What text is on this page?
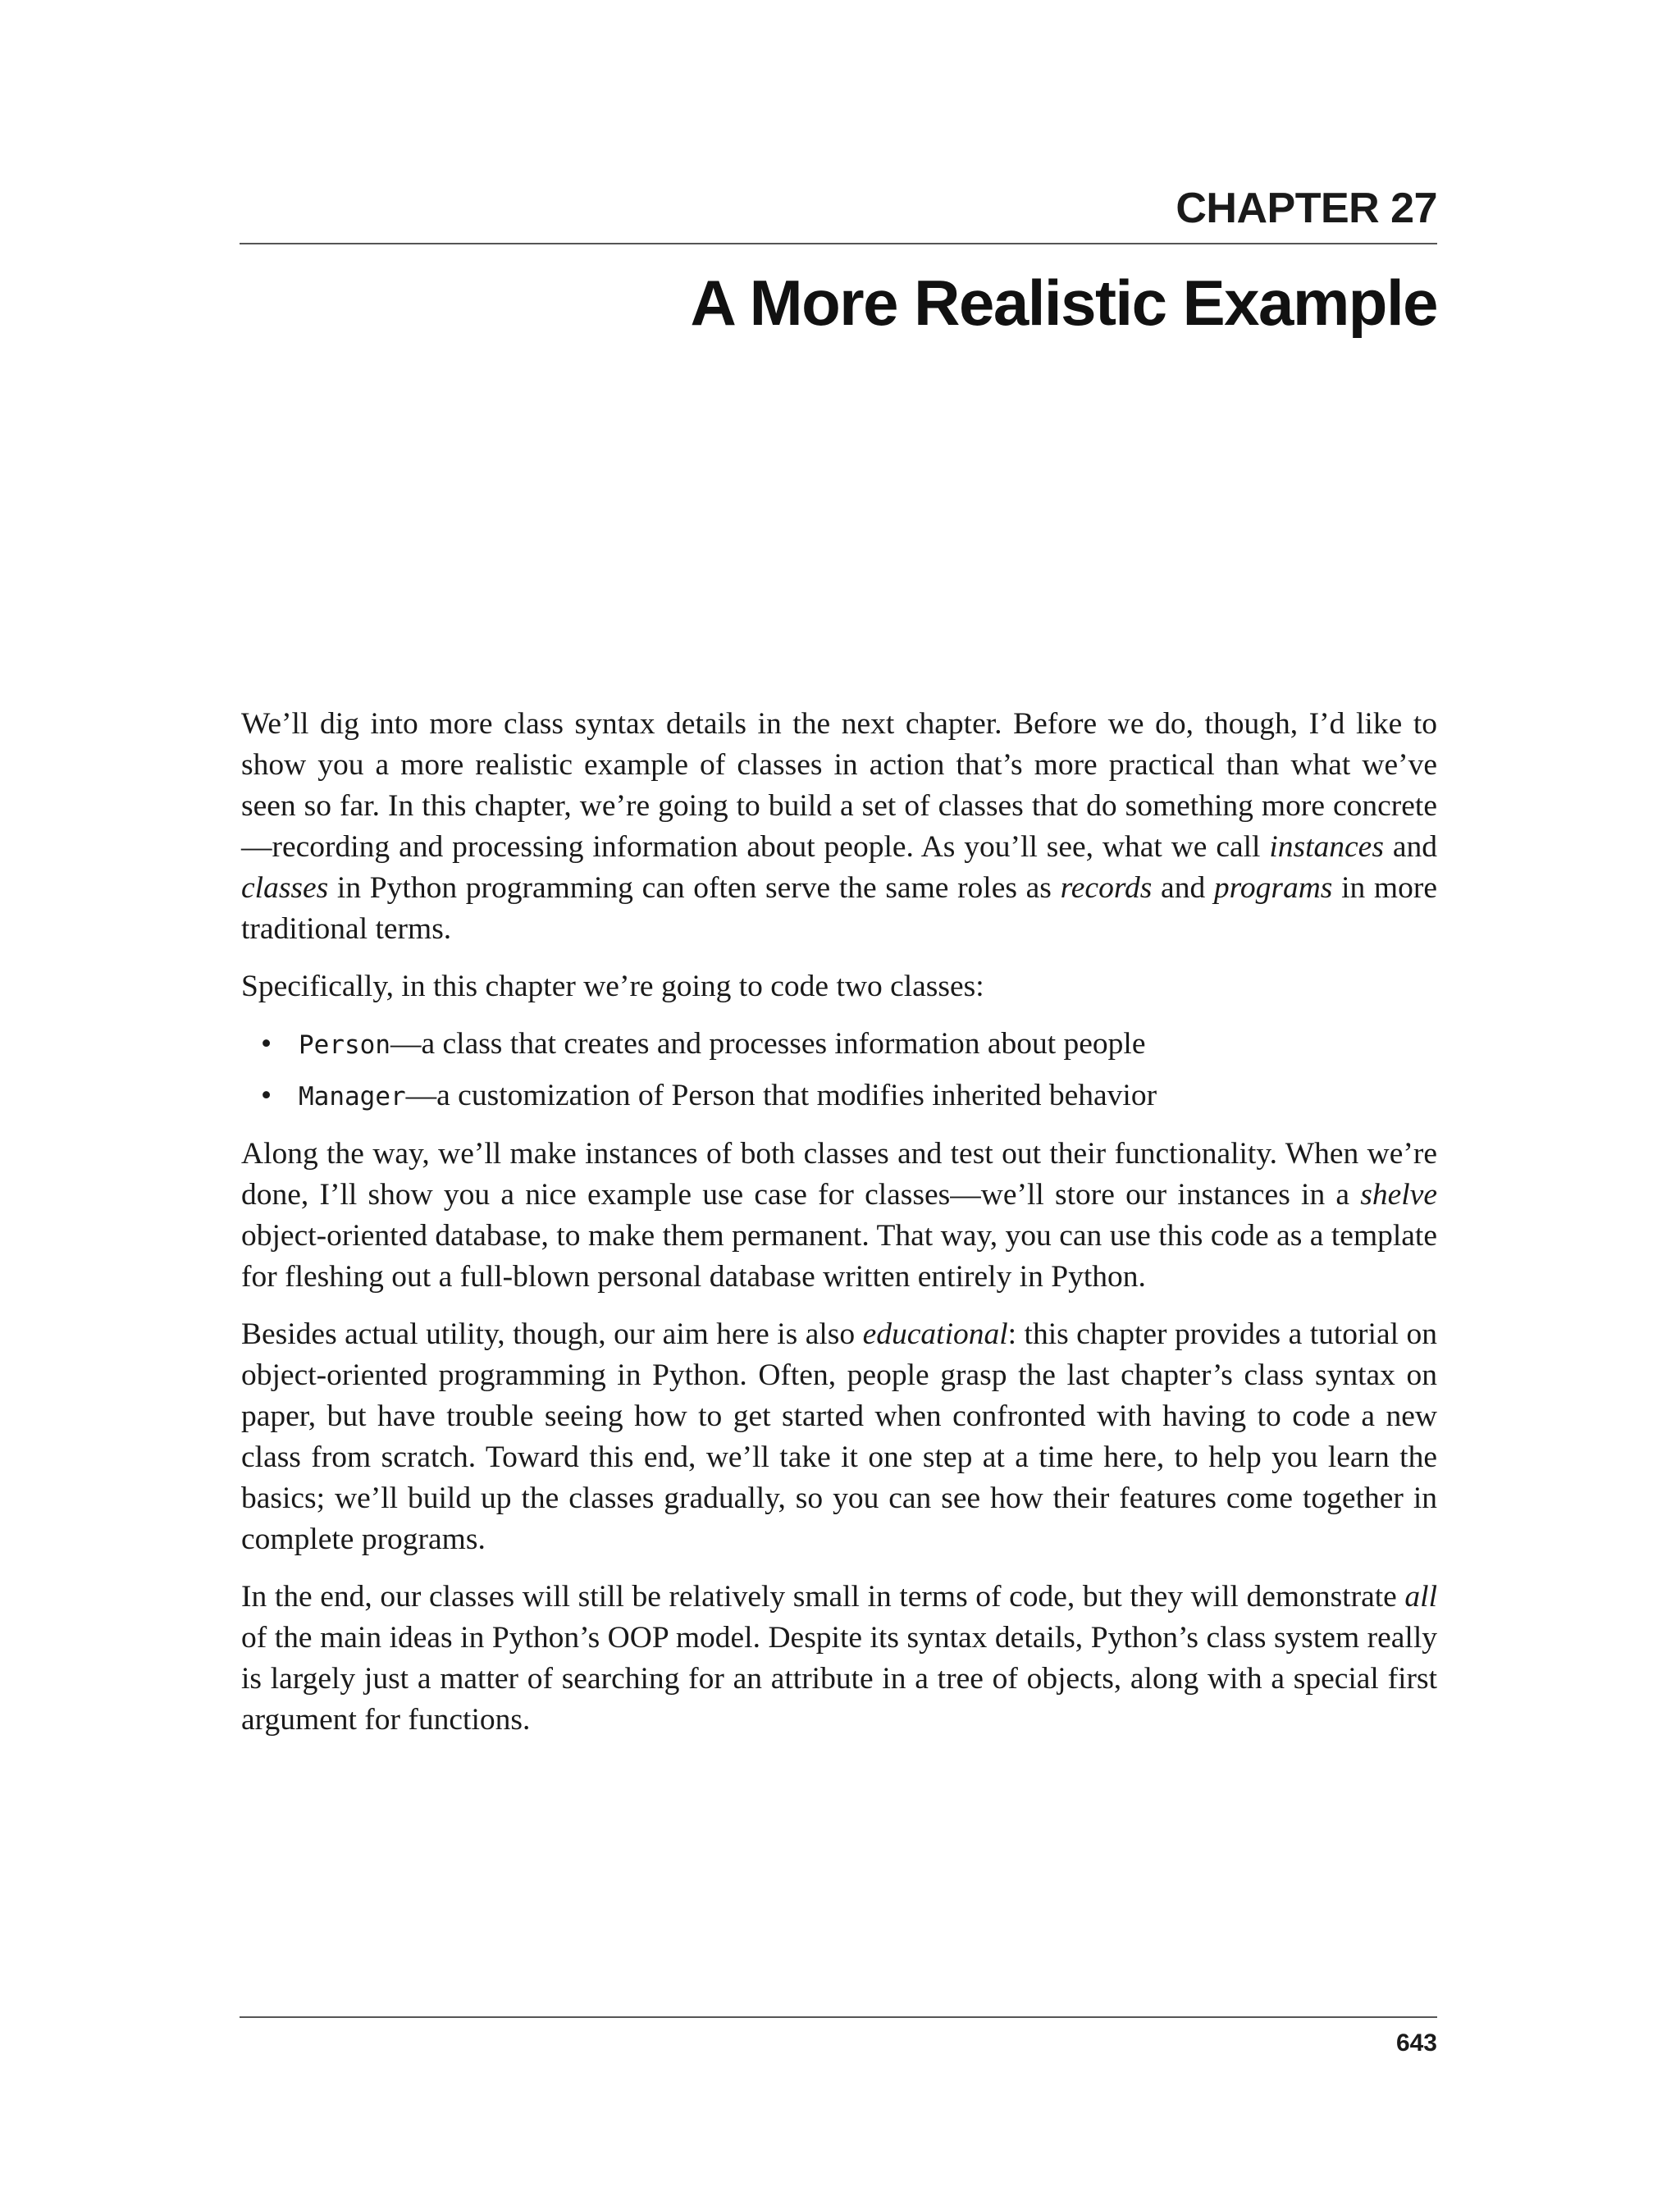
CHAPTER 27
A More Realistic Example

We’ll dig into more class syntax details in the next chapter. Before we do, though, I’d like to show you a more realistic example of classes in action that’s more practical than what we’ve seen so far. In this chapter, we’re going to build a set of classes that do something more concrete—recording and processing information about people. As you’ll see, what we call instances and classes in Python programming can often serve the same roles as records and programs in more traditional terms.

Specifically, in this chapter we’re going to code two classes:

• Person—a class that creates and processes information about people
• Manager—a customization of Person that modifies inherited behavior

Along the way, we’ll make instances of both classes and test out their functionality. When we’re done, I’ll show you a nice example use case for classes—we’ll store our instances in a shelve object-oriented database, to make them permanent. That way, you can use this code as a template for fleshing out a full-blown personal database written entirely in Python.

Besides actual utility, though, our aim here is also educational: this chapter provides a tutorial on object-oriented programming in Python. Often, people grasp the last chapter’s class syntax on paper, but have trouble seeing how to get started when confronted with having to code a new class from scratch. Toward this end, we’ll take it one step at a time here, to help you learn the basics; we’ll build up the classes gradually, so you can see how their features come together in complete programs.

In the end, our classes will still be relatively small in terms of code, but they will demonstrate all of the main ideas in Python’s OOP model. Despite its syntax details, Python’s class system really is largely just a matter of searching for an attribute in a tree of objects, along with a special first argument for functions.

643
